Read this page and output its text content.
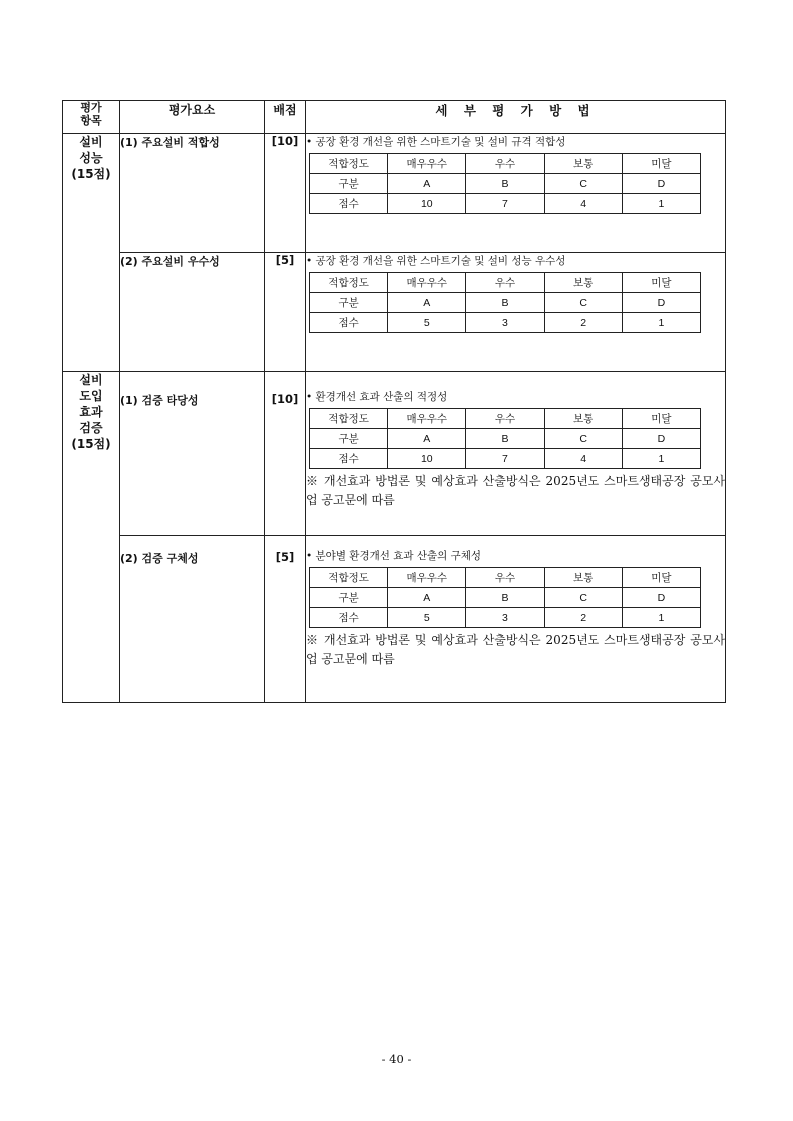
평가
항목	평가요소	배점	세 부 평 가 방 법
설비
성능
(15점)	(1) 주요설비 적합성	[10]	• 공장 환경 개선을 위한 스마트기술 및 설비 규격 적합성
적합정도	매우우수	우수	보통	미달
구분	A	B	C	D
점수	10	7	4	1

(2) 주요설비 우수성	[5]	• 공장 환경 개선을 위한 스마트기술 및 설비 성능 우수성
적합정도	매우우수	우수	보통	미달
구분	A	B	C	D
점수	5	3	2	1

설비
도입
효과
검증
(15점)	(1) 검증 타당성	[10]	• 환경개선 효과 산출의 적정성
적합정도	매우우수	우수	보통	미달
구분	A	B	C	D
점수	10	7	4	1
※ 개선효과 방법론 및 예상효과 산출방식은 2025년도 스마트생태공장 공모사업 공고문에 따름

(2) 검증 구체성	[5]	• 분야별 환경개선 효과 산출의 구체성
적합정도	매우우수	우수	보통	미달
구분	A	B	C	D
점수	5	3	2	1
※ 개선효과 방법론 및 예상효과 산출방식은 2025년도 스마트생태공장 공모사업 공고문에 따름
- 40 -
